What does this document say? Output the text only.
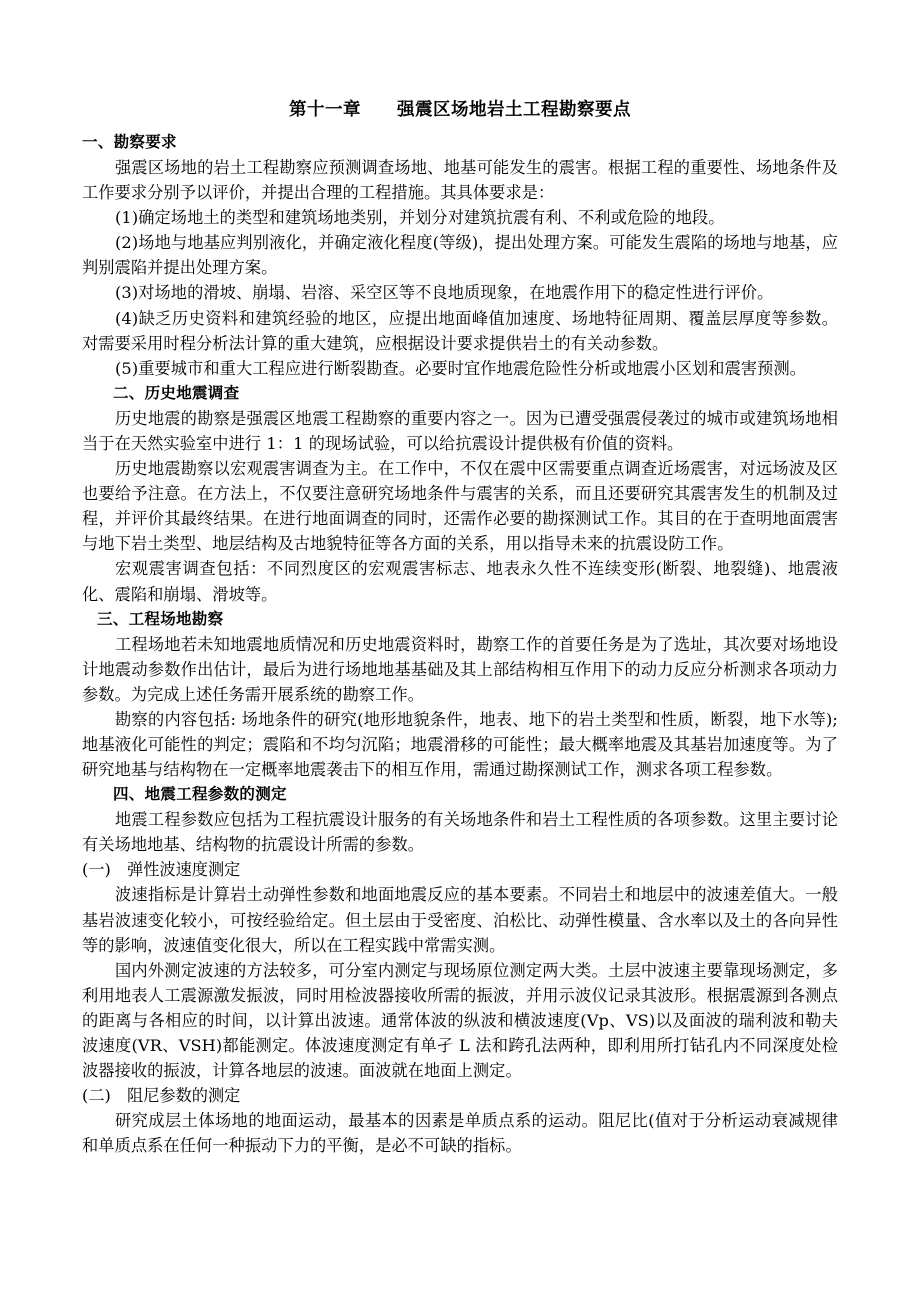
第十一章　　强震区场地岩土工程勘察要点
一、勘察要求

强震区场地的岩土工程勘察应预测调查场地、地基可能发生的震害。根据工程的重要性、场地条件及工作要求分别予以评价，并提出合理的工程措施。其具体要求是：

(1)确定场地土的类型和建筑场地类别，并划分对建筑抗震有利、不利或危险的地段。

(2)场地与地基应判别液化，并确定液化程度(等级)，提出处理方案。可能发生震陷的场地与地基，应判别震陷并提出处理方案。

(3)对场地的滑坡、崩塌、岩溶、采空区等不良地质现象，在地震作用下的稳定性进行评价。

(4)缺乏历史资料和建筑经验的地区，应提出地面峰值加速度、场地特征周期、覆盖层厚度等参数。对需要采用时程分析法计算的重大建筑，应根据设计要求提供岩土的有关动参数。

(5)重要城市和重大工程应进行断裂勘查。必要时宜作地震危险性分析或地震小区划和震害预测。

二、历史地震调查

历史地震的勘察是强震区地震工程勘察的重要内容之一。因为已遭受强震侵袭过的城市或建筑场地相当于在天然实验室中进行 1：1 的现场试验，可以给抗震设计提供极有价值的资料。

历史地震勘察以宏观震害调查为主。在工作中，不仅在震中区需要重点调查近场震害，对远场波及区也要给予注意。在方法上，不仅要注意研究场地条件与震害的关系，而且还要研究其震害发生的机制及过程，并评价其最终结果。在进行地面调查的同时，还需作必要的勘探测试工作。其目的在于查明地面震害与地下岩土类型、地层结构及古地貌特征等各方面的关系，用以指导未来的抗震设防工作。

宏观震害调查包括：不同烈度区的宏观震害标志、地表永久性不连续变形(断裂、地裂缝)、地震液化、震陷和崩塌、滑坡等。

三、工程场地勘察

工程场地若未知地震地质情况和历史地震资料时，勘察工作的首要任务是为了选址，其次要对场地设计地震动参数作出估计，最后为进行场地地基基础及其上部结构相互作用下的动力反应分析测求各项动力参数。为完成上述任务需开展系统的勘察工作。

勘察的内容包括: 场地条件的研究(地形地貌条件，地表、地下的岩土类型和性质，断裂，地下水等); 地基液化可能性的判定；震陷和不均匀沉陷；地震滑移的可能性；最大概率地震及其基岩加速度等。为了研究地基与结构物在一定概率地震袭击下的相互作用，需通过勘探测试工作，测求各项工程参数。

四、地震工程参数的测定

地震工程参数应包括为工程抗震设计服务的有关场地条件和岩土工程性质的各项参数。这里主要讨论有关场地地基、结构物的抗震设计所需的参数。

(一)　弹性波速度测定

波速指标是计算岩土动弹性参数和地面地震反应的基本要素。不同岩土和地层中的波速差值大。一般基岩波速变化较小，可按经验给定。但土层由于受密度、泊松比、动弹性模量、含水率以及土的各向异性等的影响，波速值变化很大，所以在工程实践中常需实测。

国内外测定波速的方法较多，可分室内测定与现场原位测定两大类。土层中波速主要靠现场测定，多利用地表人工震源激发振波，同时用检波器接收所需的振波，并用示波仪记录其波形。根据震源到各测点的距离与各相应的时间，以计算出波速。通常体波的纵波和横波速度(Vp、VS)以及面波的瑞利波和勒夫波速度(VR、VSH)都能测定。体波速度测定有单孑 L 法和跨孔法两种，即利用所打钻孔内不同深度处检波器接收的振波，计算各地层的波速。面波就在地面上测定。

(二)　阻尼参数的测定

研究成层土体场地的地面运动，最基本的因素是单质点系的运动。阻尼比(值对于分析运动衰减规律和单质点系在任何一种振动下力的平衡，是必不可缺的指标。
